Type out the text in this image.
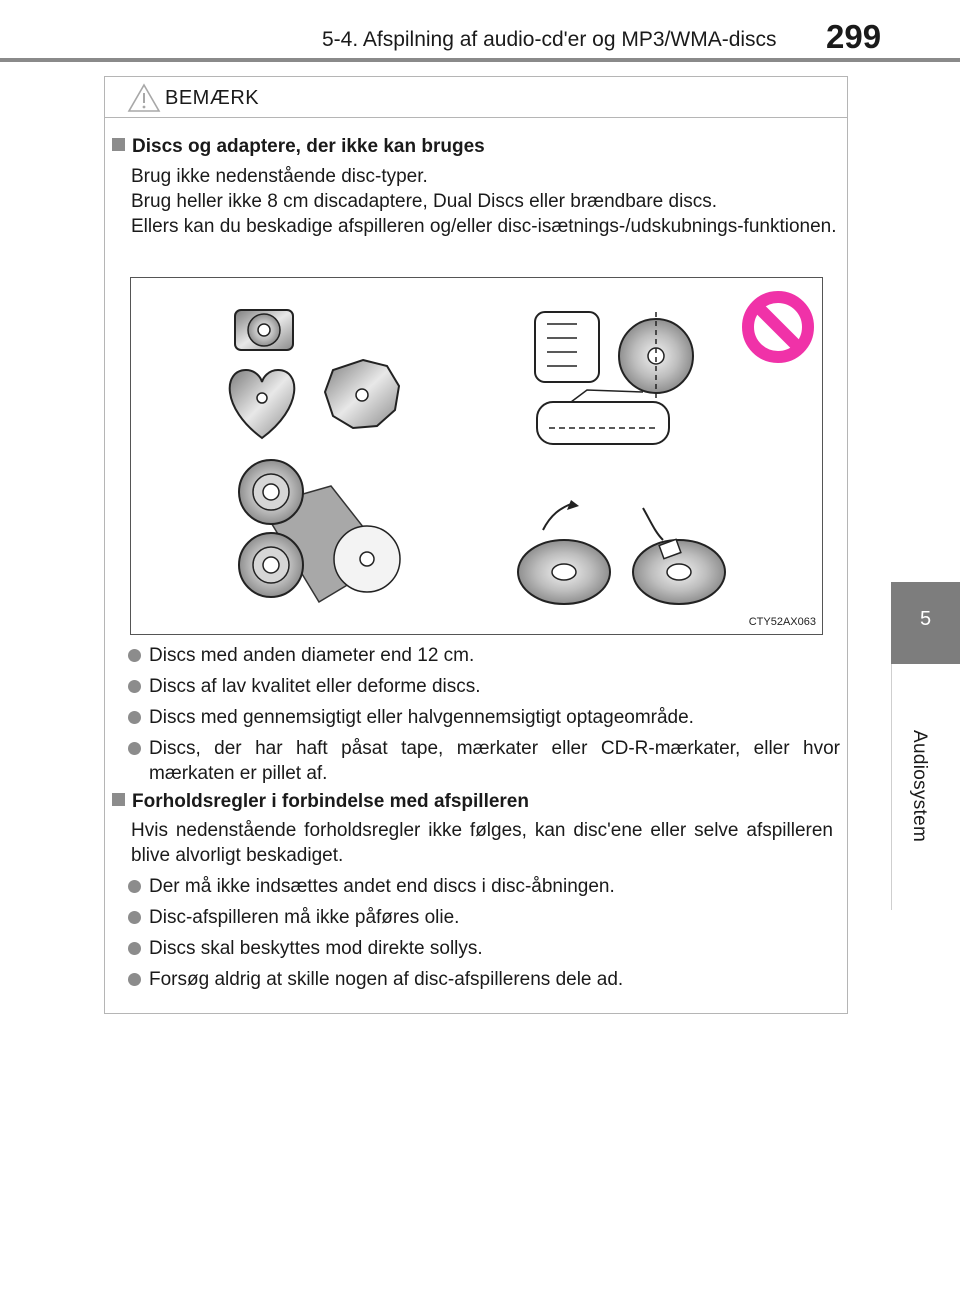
5-4. Afspilning af audio-cd'er og MP3/WMA-discs 299
5
Audiosystem
BEMÆRK
Discs og adaptere, der ikke kan bruges
Brug ikke nedenstående disc-typer.
Brug heller ikke 8 cm discadaptere, Dual Discs eller brændbare discs.
Ellers kan du beskadige afspilleren og/eller disc-isætnings-/udskubnings-funktionen.
CTY52AX063
Discs med anden diameter end 12 cm.
Discs af lav kvalitet eller deforme discs.
Discs med gennemsigtigt eller halvgennemsigtigt optageområde.
Discs, der har haft påsat tape, mærkater eller CD-R-mærkater, eller hvor mærkaten er pillet af.
Forholdsregler i forbindelse med afspilleren
Hvis nedenstående forholdsregler ikke følges, kan disc'ene eller selve afspilleren blive alvorligt beskadiget.
Der må ikke indsættes andet end discs i disc-åbningen.
Disc-afspilleren må ikke påføres olie.
Discs skal beskyttes mod direkte sollys.
Forsøg aldrig at skille nogen af disc-afspillerens dele ad.
